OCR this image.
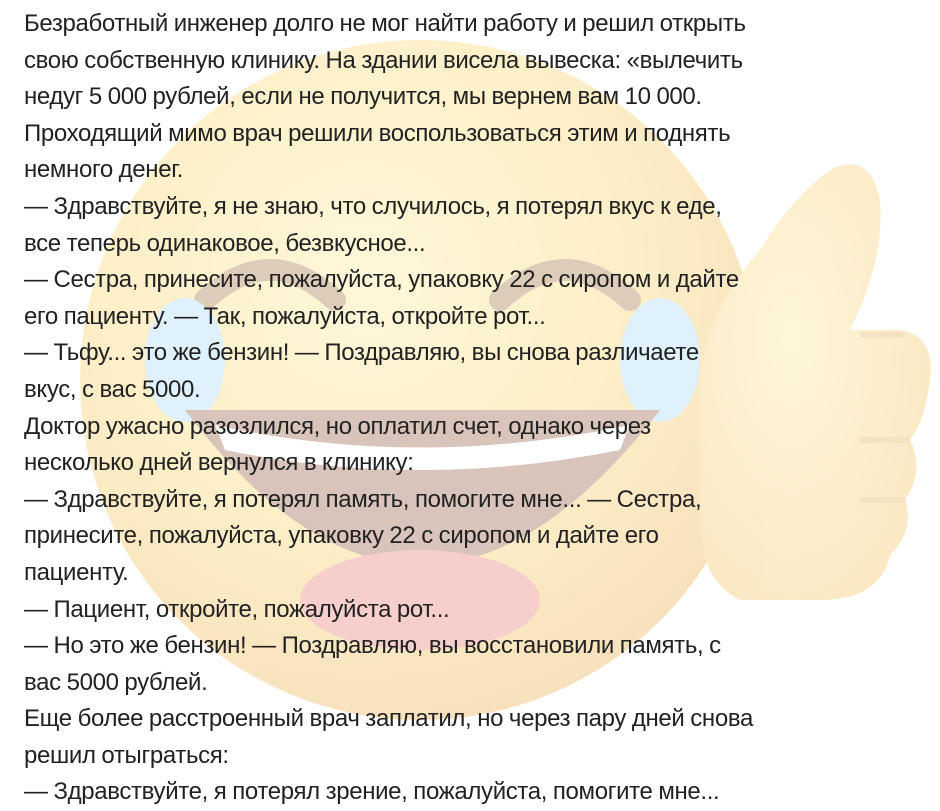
Безработный инженер долго не мог найти работу и решил открыть
свою собственную клинику. На здании висела вывеска: «вылечить
недуг 5 000 рублей, если не получится, мы вернем вам 10 000.
Проходящий мимо врач решили воспользоваться этим и поднять
немного денег.
— Здравствуйте, я не знаю, что случилось, я потерял вкус к еде,
все теперь одинаковое, безвкусное...
— Сестра, принесите, пожалуйста, упаковку 22 с сиропом и дайте
его пациенту. — Так, пожалуйста, откройте рот...
— Тьфу... это же бензин! — Поздравляю, вы снова различаете
вкус, с вас 5000.
Доктор ужасно разозлился, но оплатил счет, однако через
несколько дней вернулся в клинику:
— Здравствуйте, я потерял память, помогите мне... — Сестра,
принесите, пожалуйста, упаковку 22 с сиропом и дайте его
пациенту.
— Пациент, откройте, пожалуйста рот...
— Но это же бензин! — Поздравляю, вы восстановили память, с
вас 5000 рублей.
Еще более расстроенный врач заплатил, но через пару дней снова
решил отыграться:
— Здравствуйте, я потерял зрение, пожалуйста, помогите мне...
